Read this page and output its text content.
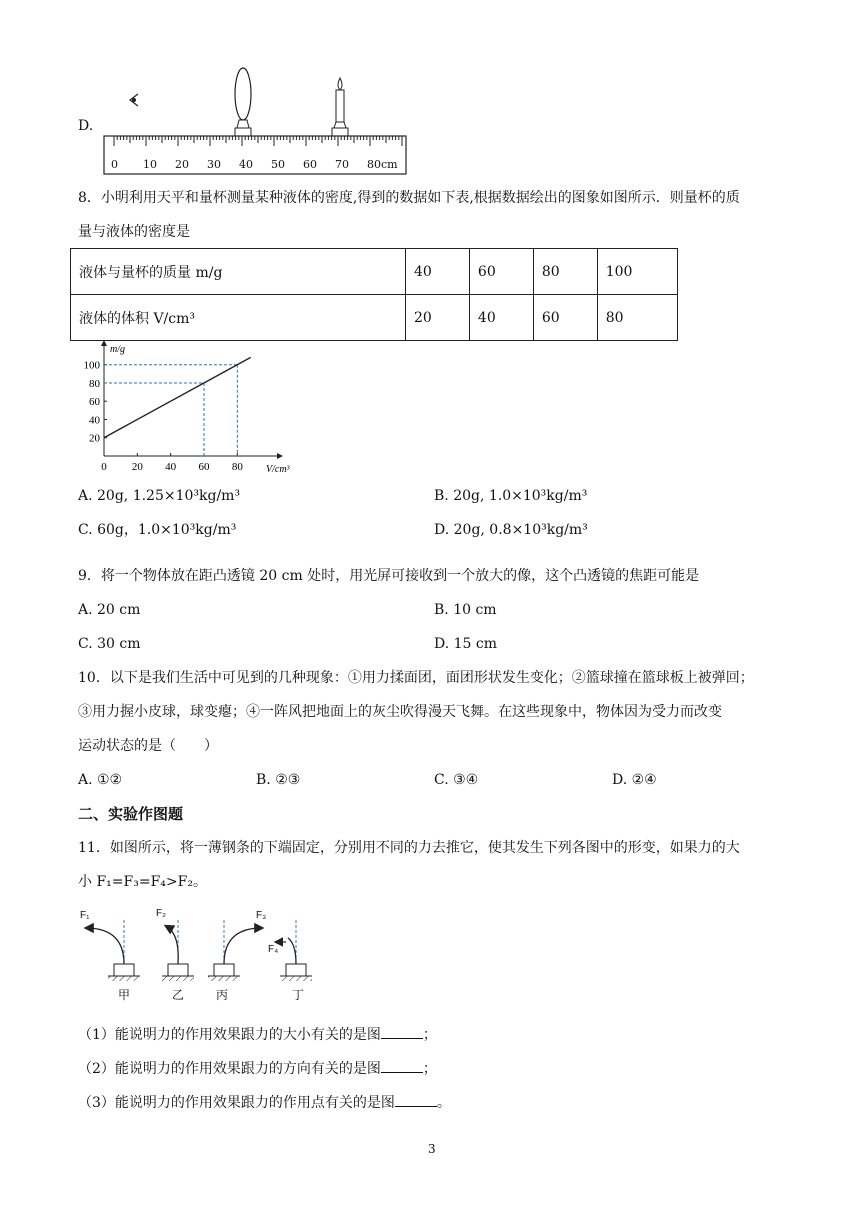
D.
0 10 20 30 40 50 60 70 80cm
8．小明利用天平和量杯测量某种液体的密度,得到的数据如下表,根据数据绘出的图象如图所示．则量杯的质
量与液体的密度是
液体与量杯的质量 m/g	40	60	80	100
液体的体积 V/cm³	20	40	60	80
0 20 40 60 80
20
40
60
80
100
V/cm³
m/g
A. 20g, 1.25×10³kg/m³	B. 20g, 1.0×10³kg/m³
C. 60g，1.0×10³kg/m³	D. 20g, 0.8×10³kg/m³
9．将一个物体放在距凸透镜 20 cm 处时，用光屏可接收到一个放大的像，这个凸透镜的焦距可能是
A. 20 cm	B. 10 cm
C. 30 cm	D. 15 cm
10．以下是我们生活中可见到的几种现象：①用力揉面团，面团形状发生变化；②篮球撞在篮球板上被弹回；
③用力握小皮球，球变瘪；④一阵风把地面上的灰尘吹得漫天飞舞。在这些现象中，物体因为受力而改变
运动状态的是（　　）
A. ①②	B. ②③	C. ③④	D. ②④
二、实验作图题
11．如图所示，将一薄钢条的下端固定，分别用不同的力去推它，使其发生下列各图中的形变，如果力的大
小 F₁=F₃=F₄>F₂。
F₁	F₂	F₃
F₄
甲	乙	丙	丁
（1）能说明力的作用效果跟力的大小有关的是图	；
（2）能说明力的作用效果跟力的方向有关的是图	；
（3）能说明力的作用效果跟力的作用点有关的是图	。
3
